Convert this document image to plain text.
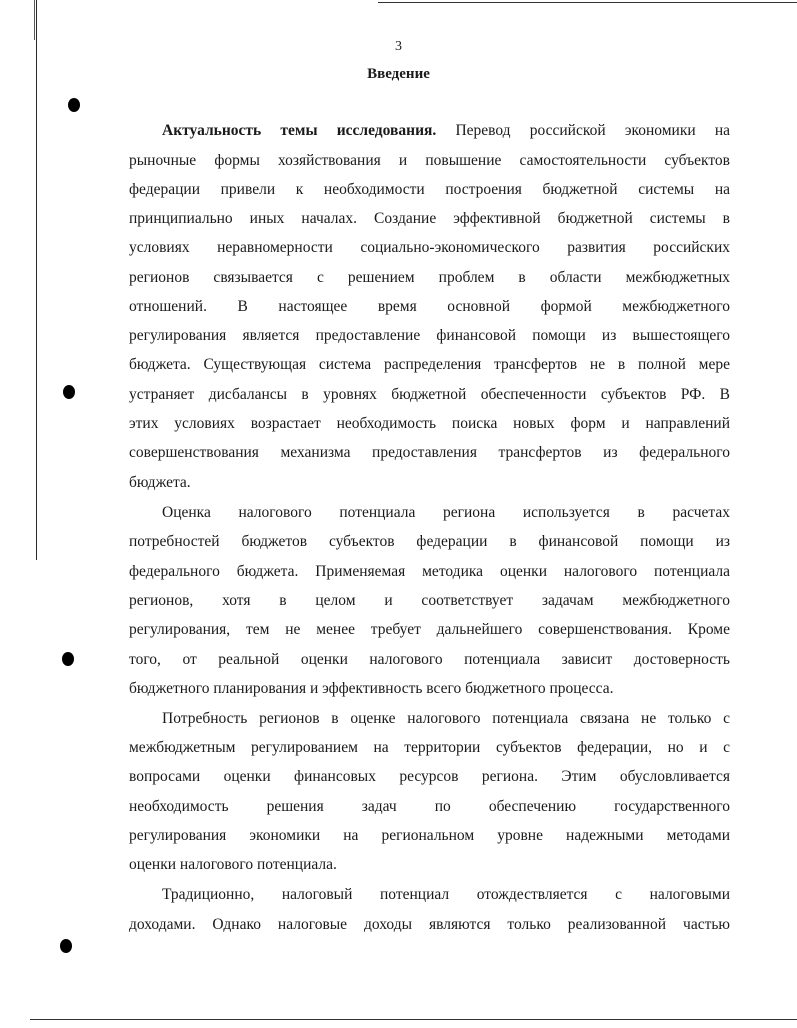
3
Введение
Актуальность темы исследования. Перевод российской экономики на
рыночные формы хозяйствования и повышение самостоятельности субъектов
федерации привели к необходимости построения бюджетной системы на
принципиально иных началах. Создание эффективной бюджетной системы в
условиях неравномерности социально-экономического развития российских
регионов связывается с решением проблем в области межбюджетных
отношений. В настоящее время основной формой межбюджетного
регулирования является предоставление финансовой помощи из вышестоящего
бюджета. Существующая система распределения трансфертов не в полной мере
устраняет дисбалансы в уровнях бюджетной обеспеченности субъектов РФ. В
этих условиях возрастает необходимость поиска новых форм и направлений
совершенствования механизма предоставления трансфертов из федерального
бюджета.
Оценка налогового потенциала региона используется в расчетах
потребностей бюджетов субъектов федерации в финансовой помощи из
федерального бюджета. Применяемая методика оценки налогового потенциала
регионов, хотя в целом и соответствует задачам межбюджетного
регулирования, тем не менее требует дальнейшего совершенствования. Кроме
того, от реальной оценки налогового потенциала зависит достоверность
бюджетного планирования и эффективность всего бюджетного процесса.
Потребность регионов в оценке налогового потенциала связана не только с
межбюджетным регулированием на территории субъектов федерации, но и с
вопросами оценки финансовых ресурсов региона. Этим обусловливается
необходимость решения задач по обеспечению государственного
регулирования экономики на региональном уровне надежными методами
оценки налогового потенциала.
Традиционно, налоговый потенциал отождествляется с налоговыми
доходами. Однако налоговые доходы являются только реализованной частью
